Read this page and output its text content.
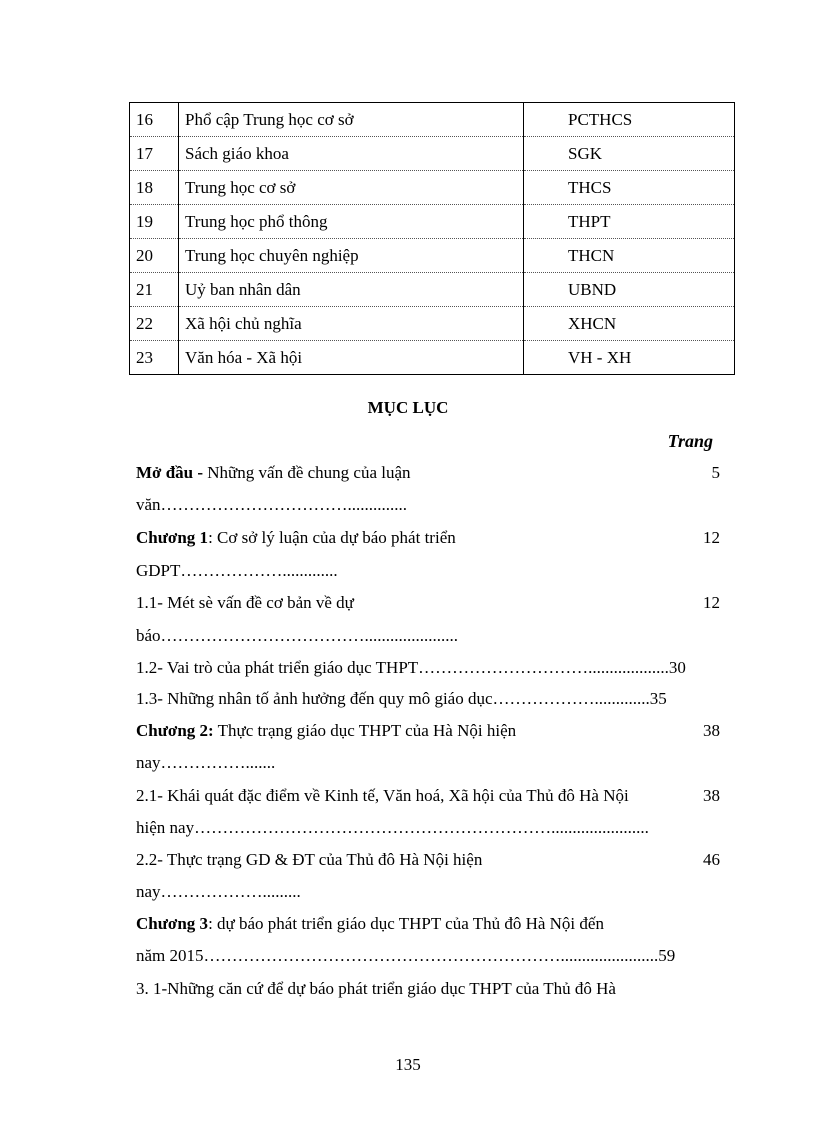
16	Phổ cập Trung học cơ sở	PCTHCS
17	Sách giáo khoa	SGK
18	Trung học cơ sở	THCS
19	Trung học phổ thông	THPT
20	Trung học chuyên nghiệp	THCN
21	Uỷ ban nhân dân	UBND
22	Xã hội chủ nghĩa	XHCN
23	Văn hóa - Xã hội	VH - XH
MỤC LỤC
Trang
Mở đầu - Những vấn đề chung của luận	5
văn……………………………..............
Chương 1: Cơ sở lý luận của dự báo phát triển	12
GDPT……………….............
1.1- Mét sè vấn đề cơ bản về dự	12
báo………………………………......................
1.2- Vai trò của phát triển giáo dục THPT…………………………...................30
1.3- Những nhân tố ảnh hưởng đến quy mô giáo dục……………….............35
Chương 2: Thực trạng giáo dục THPT của Hà Nội hiện	38
nay…………….......
2.1- Khái quát đặc điểm về Kinh tế, Văn hoá, Xã hội của Thủ đô Hà Nội	38
hiện nay……………………………………………………….......................
2.2- Thực trạng GD & ĐT của Thủ đô Hà Nội hiện	46
nay……………….........
Chương 3: dự báo phát triển giáo dục THPT của Thủ đô Hà Nội đến
năm 2015……………………………………………………….......................59
3. 1-Những căn cứ để dự báo phát triển giáo dục THPT của Thủ đô Hà
135
